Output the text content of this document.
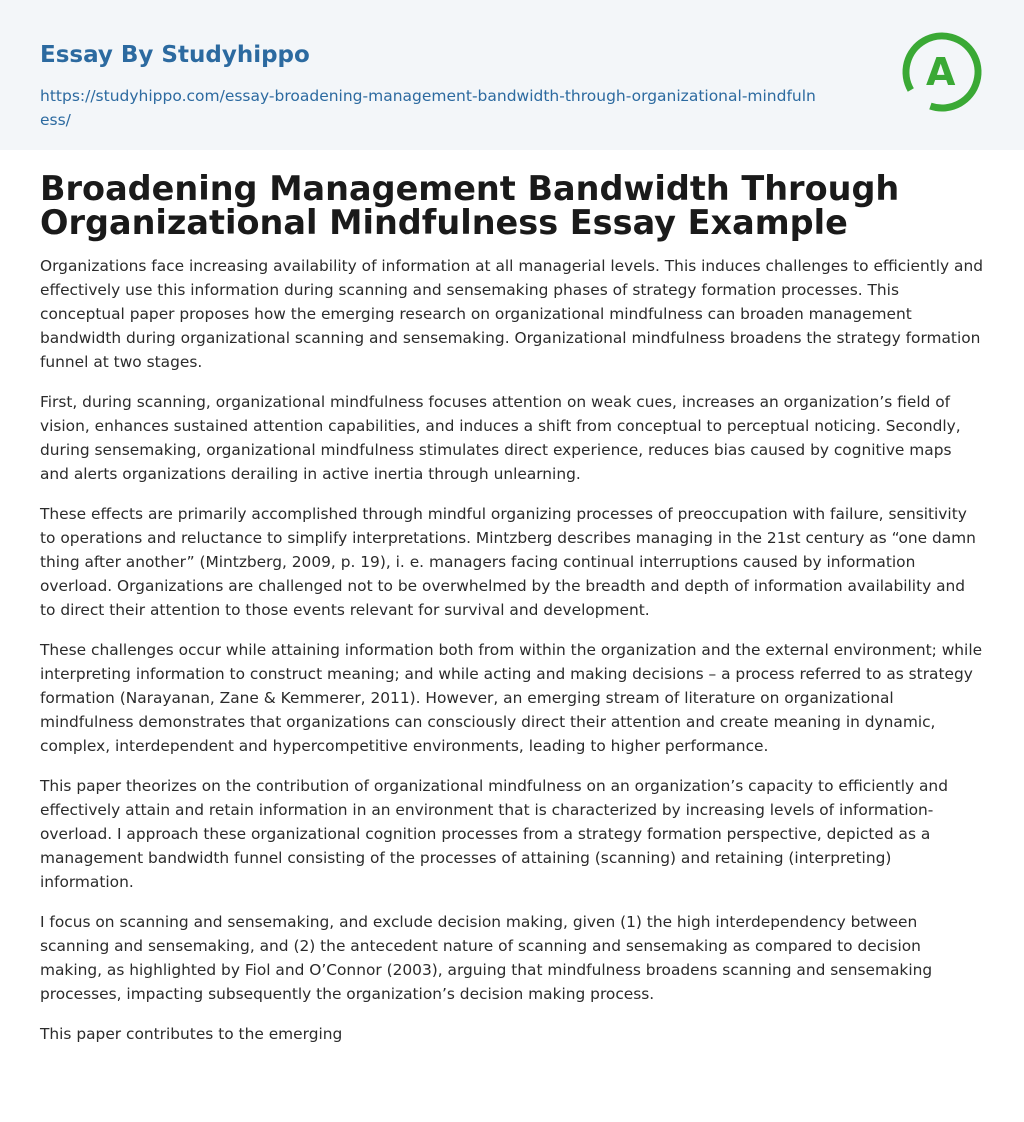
Essay By Studyhippo
https://studyhippo.com/essay-broadening-management-bandwidth-through-organizational-mindfulness/
A
Broadening Management Bandwidth Through Organizational Mindfulness Essay Example

Organizations face increasing availability of information at all managerial levels. This induces challenges to efficiently and effectively use this information during scanning and sensemaking phases of strategy formation processes. This conceptual paper proposes how the emerging research on organizational mindfulness can broaden management bandwidth during organizational scanning and sensemaking. Organizational mindfulness broadens the strategy formation funnel at two stages.

First, during scanning, organizational mindfulness focuses attention on weak cues, increases an organization’s field of vision, enhances sustained attention capabilities, and induces a shift from conceptual to perceptual noticing. Secondly, during sensemaking, organizational mindfulness stimulates direct experience, reduces bias caused by cognitive maps and alerts organizations derailing in active inertia through unlearning.

These effects are primarily accomplished through mindful organizing processes of preoccupation with failure, sensitivity to operations and reluctance to simplify interpretations. Mintzberg describes managing in the 21st century as “one damn thing after another” (Mintzberg, 2009, p. 19), i. e. managers facing continual interruptions caused by information overload. Organizations are challenged not to be overwhelmed by the breadth and depth of information availability and to direct their attention to those events relevant for survival and development.

These challenges occur while attaining information both from within the organization and the external environment; while interpreting information to construct meaning; and while acting and making decisions – a process referred to as strategy formation (Narayanan, Zane & Kemmerer, 2011). However, an emerging stream of literature on organizational mindfulness demonstrates that organizations can consciously direct their attention and create meaning in dynamic, complex, interdependent and hypercompetitive environments, leading to higher performance.

This paper theorizes on the contribution of organizational mindfulness on an organization’s capacity to efficiently and effectively attain and retain information in an environment that is characterized by increasing levels of information-overload. I approach these organizational cognition processes from a strategy formation perspective, depicted as a management bandwidth funnel consisting of the processes of attaining (scanning) and retaining (interpreting) information.

I focus on scanning and sensemaking, and exclude decision making, given (1) the high interdependency between scanning and sensemaking, and (2) the antecedent nature of scanning and sensemaking as compared to decision making, as highlighted by Fiol and O’Connor (2003), arguing that mindfulness broadens scanning and sensemaking processes, impacting subsequently the organization’s decision making process.

This paper contributes to the emerging
